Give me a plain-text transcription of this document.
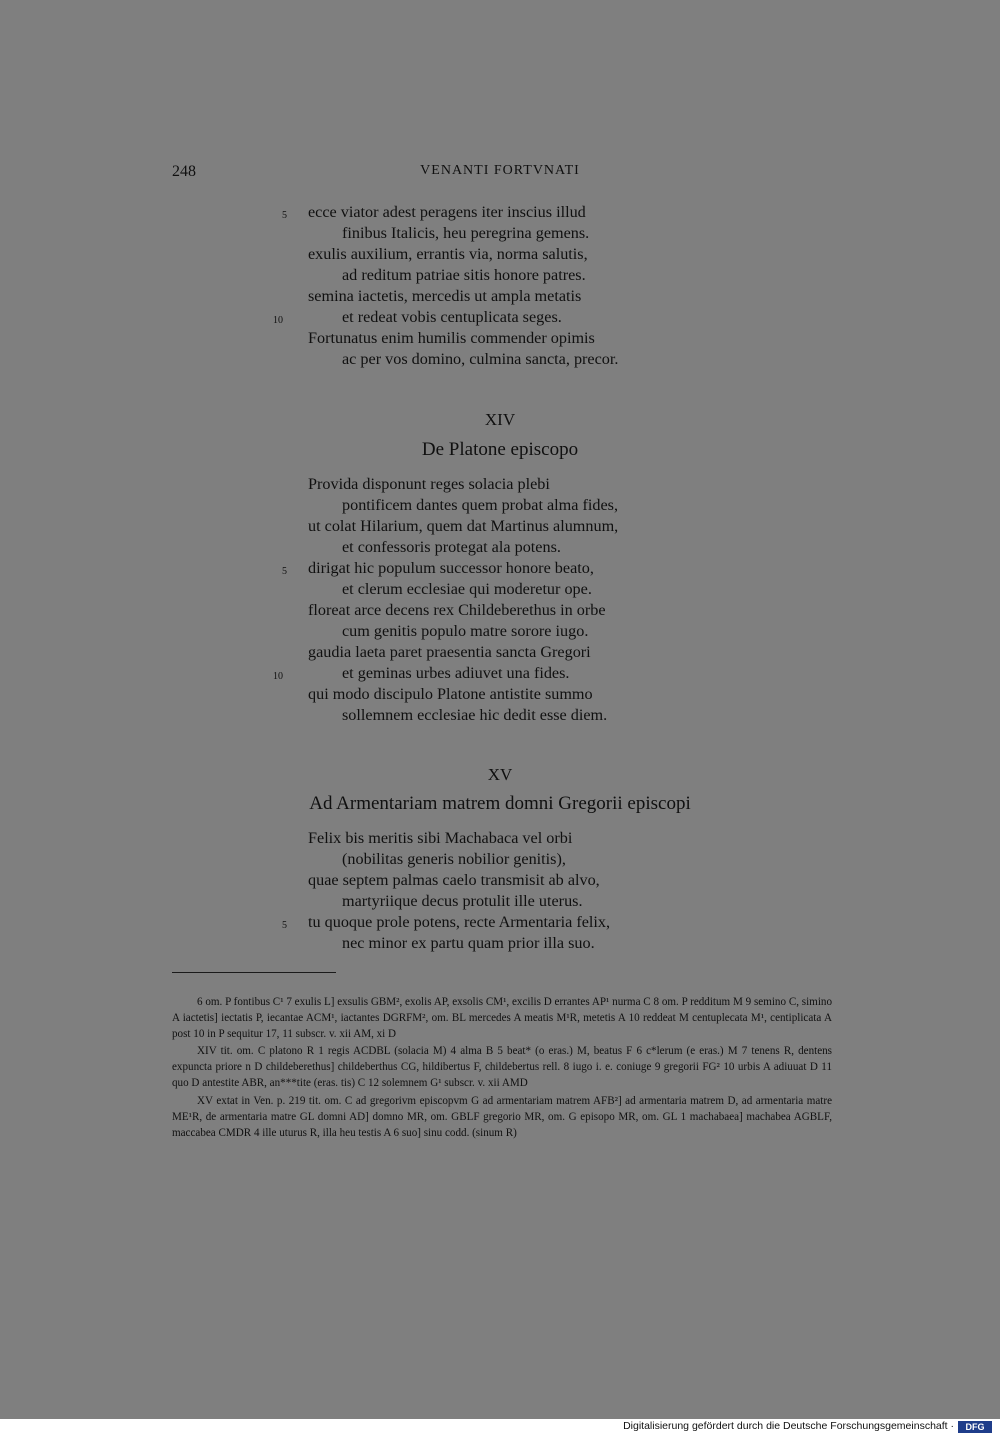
248	VENANTI FORTVNATI
ecce viator adest peragens iter inscius illud
finibus Italicis, heu peregrina gemens.
exulis auxilium, errantis via, norma salutis,
ad reditum patriae sitis honore patres.
semina iactetis, mercedis ut ampla metatis
et redeat vobis centuplicata seges.
Fortunatus enim humilis commender opimis
ac per vos domino, culmina sancta, precor.
5
10
XIV
De Platone episcopo
Provida disponunt reges solacia plebi
pontificem dantes quem probat alma fides,
ut colat Hilarium, quem dat Martinus alumnum,
et confessoris protegat ala potens.
dirigat hic populum successor honore beato,
et clerum ecclesiae qui moderetur ope.
floreat arce decens rex Childeberethus in orbe
cum genitis populo matre sorore iugo.
gaudia laeta paret praesentia sancta Gregori
et geminas urbes adiuvet una fides.
qui modo discipulo Platone antistite summo
sollemnem ecclesiae hic dedit esse diem.
5
10
XV
Ad Armentariam matrem domni Gregorii episcopi
Felix bis meritis sibi Machabaca vel orbi
(nobilitas generis nobilior genitis),
quae septem palmas caelo transmisit ab alvo,
martyriique decus protulit ille uterus.
tu quoque prole potens, recte Armentaria felix,
nec minor ex partu quam prior illa suo.
5

6 om. P fontibus C¹ 7 exulis L] exsulis GBM², exolis AP, exsolis CM¹, excilis D errantes AP¹ nurma C 8 om. P redditum M 9 semino C, simino A iactetis] iectatis P, iecantae ACM¹, iactantes DGRFM², om. BL mercedes A meatis M¹R, metetis A 10 reddeat M centuplecata M¹, centiplicata A post 10 in P sequitur 17, 11 subscr. v. xii AM, xi D

XIV tit. om. C platono R 1 regis ACDBL (solacia M) 4 alma B 5 beat* (o eras.) M, beatus F 6 c*lerum (e eras.) M 7 tenens R, dentens expuncta priore n D childeberethus] childeberthus CG, hildibertus F, childebertus rell. 8 iugo i. e. coniuge 9 gregorii FG² 10 urbis A adiuuat D 11 quo D antestite ABR, an***tite (eras. tis) C 12 solemnem G¹ subscr. v. xii AMD

XV extat in Ven. p. 219 tit. om. C ad gregorivm episcopvm G ad armentariam matrem AFB²] ad armentaria matrem D, ad armentaria matre ME¹R, de armentaria matre GL domni AD] domno MR, om. GBLF gregorio MR, om. G episopo MR, om. GL 1 machabaea] machabea AGBLF, maccabea CMDR 4 ille uturus R, illa heu testis A 6 suo] sinu codd. (sinum R)

Digitalisierung gefördert durch die Deutsche Forschungsgemeinschaft ·	DFG
